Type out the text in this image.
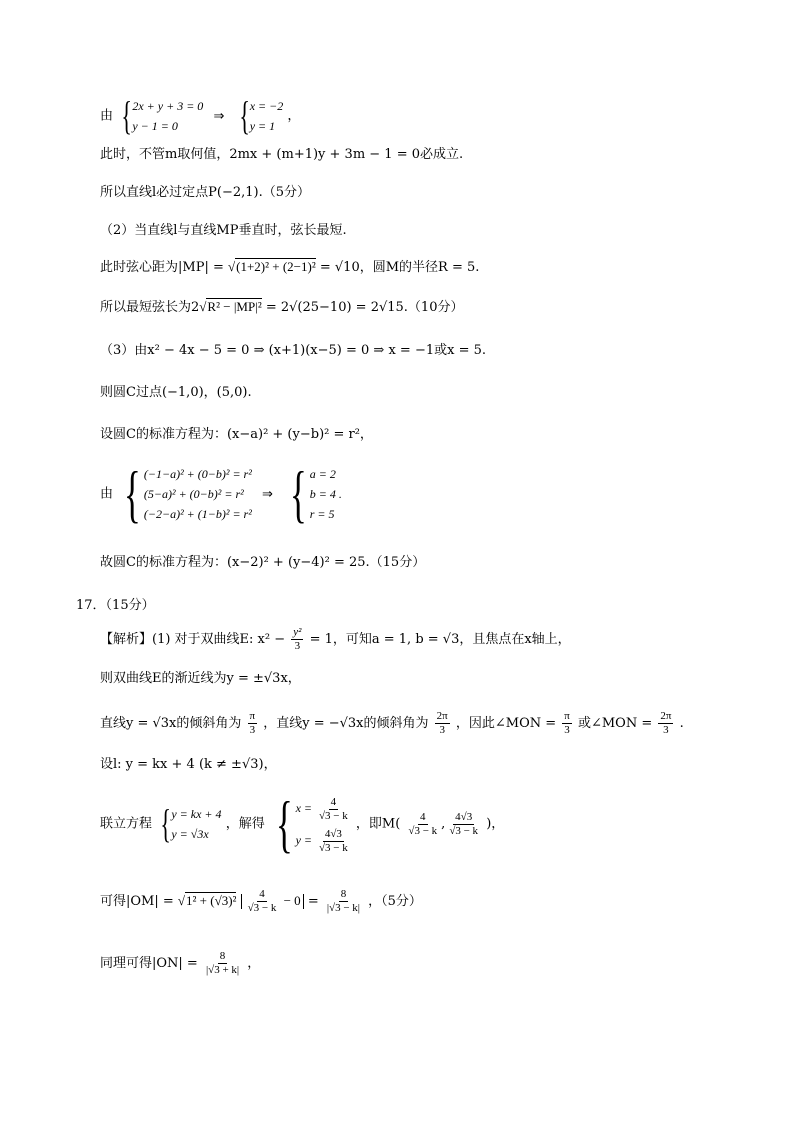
由 { 2x + y + 3 = 0
y − 1 = 0
⇒ { x = −2
y = 1
，
此时，不管m取何值，2mx + (m+1)y + 3m − 1 = 0必成立.
所以直线l必过定点P(−2,1).（5分）
（2）当直线l与直线MP垂直时，弦长最短.
此时弦心距为|MP| = √(1+2)² + (2−1)² = √10，圆M的半径R = 5.
所以最短弦长为2√R² − |MP|² = 2√(25−10) = 2√15.（10分）
（3）由x² − 4x − 5 = 0 ⇒ (x+1)(x−5) = 0 ⇒ x = −1或x = 5.
则圆C过点(−1,0)，(5,0).
设圆C的标准方程为：(x−a)² + (y−b)² = r²，
由 { (−1−a)² + (0−b)² = r²
(5−a)² + (0−b)² = r²
(−2−a)² + (1−b)² = r²
⇒ { a = 2
b = 4 .
r = 5
故圆C的标准方程为：(x−2)² + (y−4)² = 25.（15分）
17．（15分）
【解析】(1) 对于双曲线E: $x^2 - \frac{\text{y²}}{3} = 1$，可知a = 1, b = √3，且焦点在x轴上，
则双曲线E的渐近线为y = ±√3x，
直线y = √3x的倾斜角为 $\frac{\pi}{3}$ ，直线y = −√3x的倾斜角为 $\frac{2\pi}{3}$ ，因此∠MON = $\frac{\pi}{3}$ 或∠MON = $\frac{2\pi}{3}$ .
设l: y = kx + 4 (k ≠ ±√3)，
联立方程 { y = kx + 4
y = √3x
，解得 { $x = \frac{4}{√3 - k}$
$y = \frac{4√3}{√3 - k}$
，即$M( \frac{4}{√3 - k}$ , $\frac{4√3}{√3 - k}$ )，
可得$|OM| = √1^2 + (√3)^2 \frac{4}{√3 - k} - 0 = \frac{8}{|√3 - k|}$ ，（5分）
同理可得$|ON| = \frac{8}{|√3 + k|}$ ，
